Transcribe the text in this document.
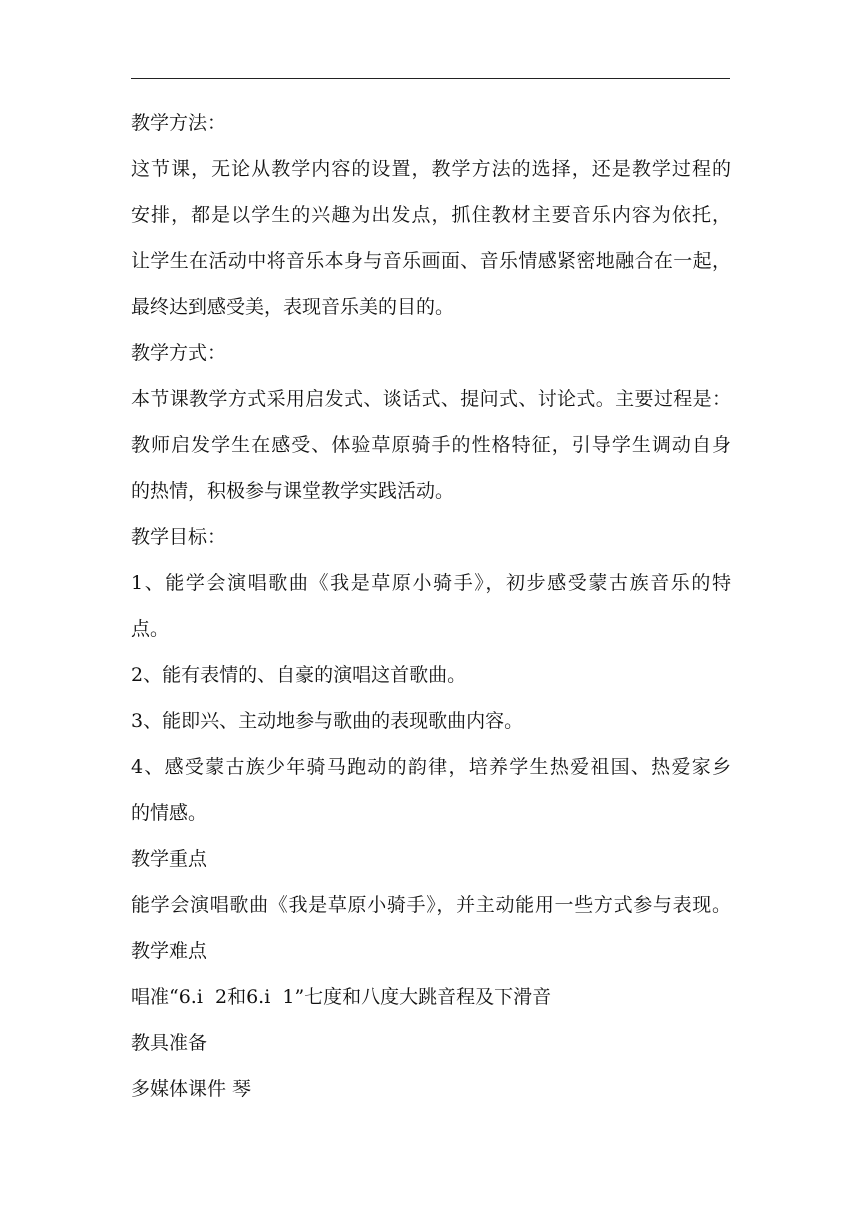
教学方法：
这节课，无论从教学内容的设置，教学方法的选择，还是教学过程的
安排，都是以学生的兴趣为出发点，抓住教材主要音乐内容为依托，
让学生在活动中将音乐本身与音乐画面、音乐情感紧密地融合在一起，
最终达到感受美，表现音乐美的目的。
教学方式：
本节课教学方式采用启发式、谈话式、提问式、讨论式。主要过程是：
教师启发学生在感受、体验草原骑手的性格特征，引导学生调动自身
的热情，积极参与课堂教学实践活动。
教学目标：
1、能学会演唱歌曲《我是草原小骑手》，初步感受蒙古族音乐的特
点。
2、能有表情的、自豪的演唱这首歌曲。
3、能即兴、主动地参与歌曲的表现歌曲内容。
4、感受蒙古族少年骑马跑动的韵律，培养学生热爱祖国、热爱家乡
的情感。
教学重点
能学会演唱歌曲《我是草原小骑手》，并主动能用一些方式参与表现。
教学难点
唱准“6.i  2和6.i  1”七度和八度大跳音程及下滑音
教具准备
多媒体课件 琴
